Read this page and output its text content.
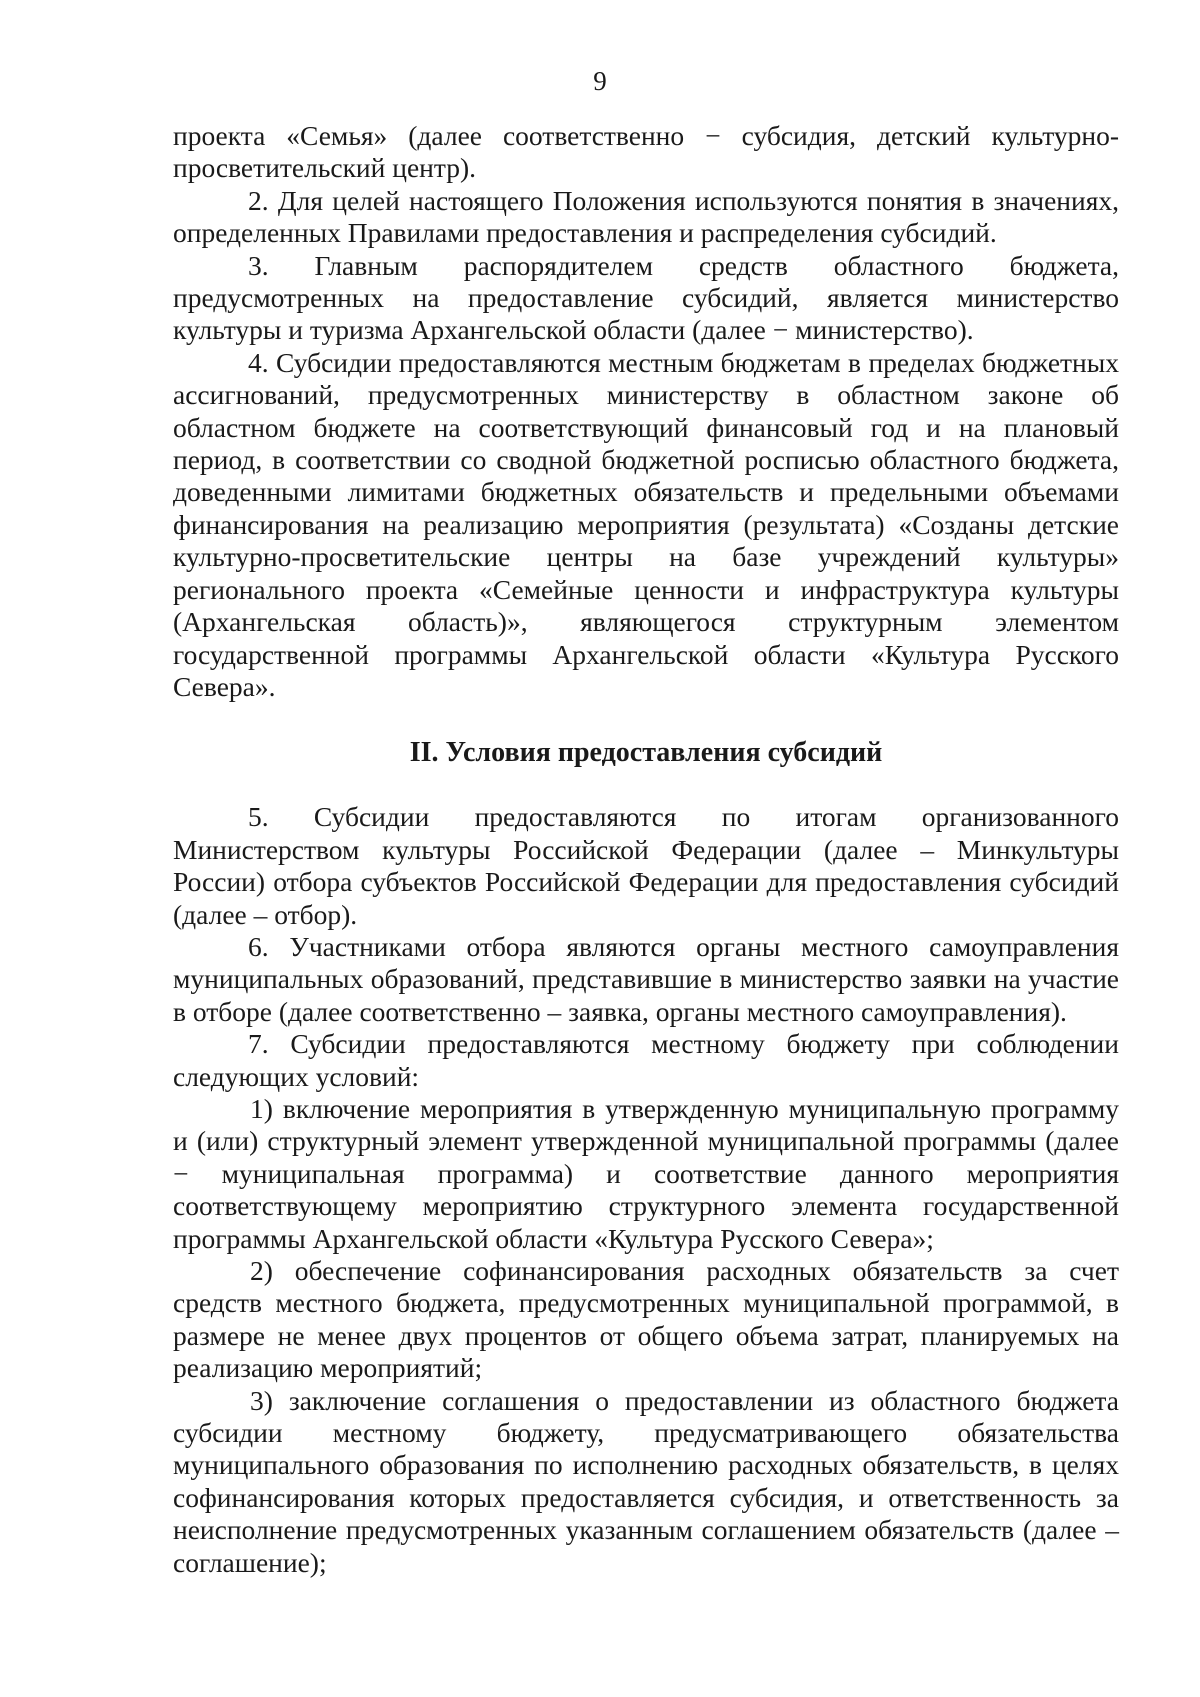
9

проекта «Семья» (далее соответственно − субсидия, детский культурно-просветительский центр).

2. Для целей настоящего Положения используются понятия в значениях, определенных Правилами предоставления и распределения субсидий.

3. Главным распорядителем средств областного бюджета, предусмотренных на предоставление субсидий, является министерство культуры и туризма Архангельской области (далее − министерство).

4. Субсидии предоставляются местным бюджетам в пределах бюджетных ассигнований, предусмотренных министерству в областном законе об областном бюджете на соответствующий финансовый год и на плановый период, в соответствии со сводной бюджетной росписью областного бюджета, доведенными лимитами бюджетных обязательств и предельными объемами финансирования на реализацию мероприятия (результата) «Созданы детские культурно-просветительские центры на базе учреждений культуры» регионального проекта «Семейные ценности и инфраструктура культуры (Архангельская область)», являющегося структурным элементом государственной программы Архангельской области «Культура Русского Севера».

II. Условия предоставления субсидий

5. Субсидии предоставляются по итогам организованного Министерством культуры Российской Федерации (далее – Минкультуры России) отбора субъектов Российской Федерации для предоставления субсидий (далее – отбор).

6. Участниками отбора являются органы местного самоуправления муниципальных образований, представившие в министерство заявки на участие в отборе (далее соответственно – заявка, органы местного самоуправления).

7. Субсидии предоставляются местному бюджету при соблюдении следующих условий:

1) включение мероприятия в утвержденную муниципальную программу и (или) структурный элемент утвержденной муниципальной программы (далее − муниципальная программа) и соответствие данного мероприятия соответствующему мероприятию структурного элемента государственной программы Архангельской области «Культура Русского Севера»;

2) обеспечение софинансирования расходных обязательств за счет средств местного бюджета, предусмотренных муниципальной программой, в размере не менее двух процентов от общего объема затрат, планируемых на реализацию мероприятий;

3) заключение соглашения о предоставлении из областного бюджета субсидии местному бюджету, предусматривающего обязательства муниципального образования по исполнению расходных обязательств, в целях софинансирования которых предоставляется субсидия, и ответственность за неисполнение предусмотренных указанным соглашением обязательств (далее – соглашение);
